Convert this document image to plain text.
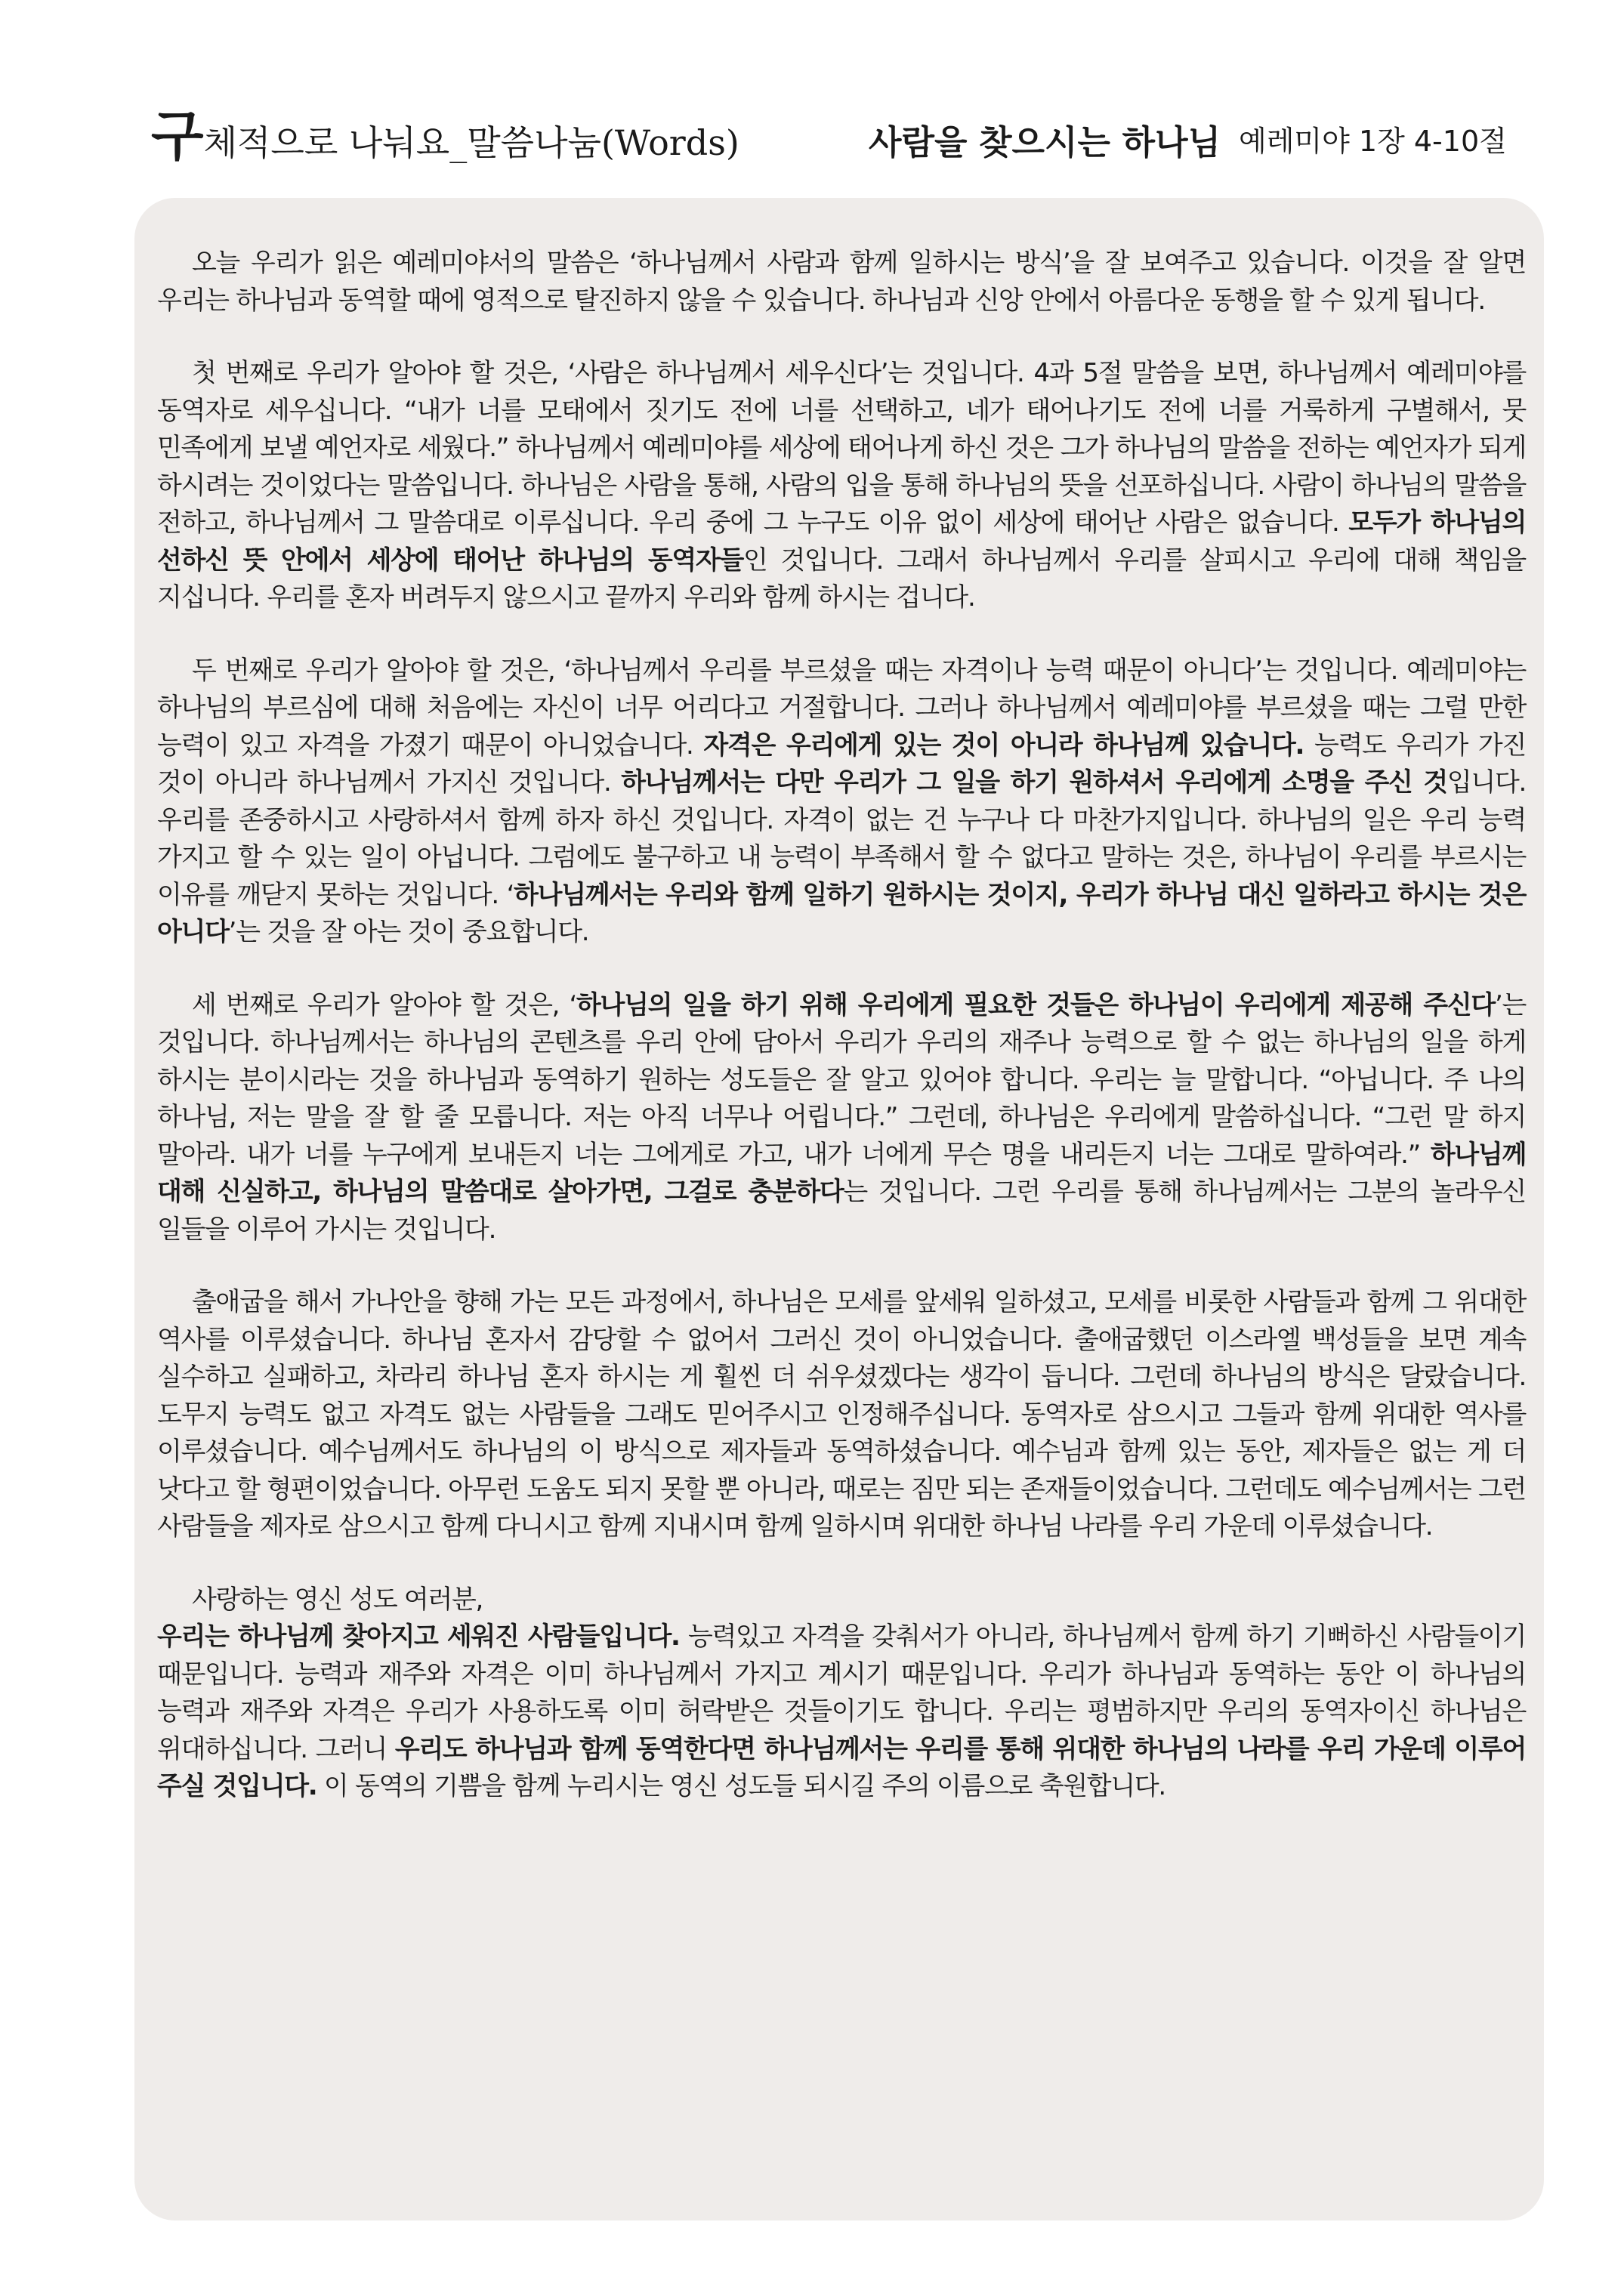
구체적으로 나눠요_말씀나눔(Words)	사람을 찾으시는 하나님 예레미야 1장 4-10절

오늘 우리가 읽은 예레미야서의 말씀은 ‘하나님께서 사람과 함께 일하시는 방식’을 잘 보여주고 있습니다. 이것을 잘 알면 우리는 하나님과 동역할 때에 영적으로 탈진하지 않을 수 있습니다. 하나님과 신앙 안에서 아름다운 동행을 할 수 있게 됩니다.

첫 번째로 우리가 알아야 할 것은, ‘사람은 하나님께서 세우신다’는 것입니다. 4과 5절 말씀을 보면, 하나님께서 예레미야를 동역자로 세우십니다. “내가 너를 모태에서 짓기도 전에 너를 선택하고, 네가 태어나기도 전에 너를 거룩하게 구별해서, 뭇 민족에게 보낼 예언자로 세웠다.” 하나님께서 예레미야를 세상에 태어나게 하신 것은 그가 하나님의 말씀을 전하는 예언자가 되게 하시려는 것이었다는 말씀입니다. 하나님은 사람을 통해, 사람의 입을 통해 하나님의 뜻을 선포하십니다. 사람이 하나님의 말씀을 전하고, 하나님께서 그 말씀대로 이루십니다. 우리 중에 그 누구도 이유 없이 세상에 태어난 사람은 없습니다. 모두가 하나님의 선하신 뜻 안에서 세상에 태어난 하나님의 동역자들인 것입니다. 그래서 하나님께서 우리를 살피시고 우리에 대해 책임을 지십니다. 우리를 혼자 버려두지 않으시고 끝까지 우리와 함께 하시는 겁니다.

두 번째로 우리가 알아야 할 것은, ‘하나님께서 우리를 부르셨을 때는 자격이나 능력 때문이 아니다’는 것입니다. 예레미야는 하나님의 부르심에 대해 처음에는 자신이 너무 어리다고 거절합니다. 그러나 하나님께서 예레미야를 부르셨을 때는 그럴 만한 능력이 있고 자격을 가졌기 때문이 아니었습니다. 자격은 우리에게 있는 것이 아니라 하나님께 있습니다. 능력도 우리가 가진 것이 아니라 하나님께서 가지신 것입니다. 하나님께서는 다만 우리가 그 일을 하기 원하셔서 우리에게 소명을 주신 것입니다. 우리를 존중하시고 사랑하셔서 함께 하자 하신 것입니다. 자격이 없는 건 누구나 다 마찬가지입니다. 하나님의 일은 우리 능력 가지고 할 수 있는 일이 아닙니다. 그럼에도 불구하고 내 능력이 부족해서 할 수 없다고 말하는 것은, 하나님이 우리를 부르시는 이유를 깨닫지 못하는 것입니다. ‘하나님께서는 우리와 함께 일하기 원하시는 것이지, 우리가 하나님 대신 일하라고 하시는 것은 아니다’는 것을 잘 아는 것이 중요합니다.

세 번째로 우리가 알아야 할 것은, ‘하나님의 일을 하기 위해 우리에게 필요한 것들은 하나님이 우리에게 제공해 주신다’는 것입니다. 하나님께서는 하나님의 콘텐츠를 우리 안에 담아서 우리가 우리의 재주나 능력으로 할 수 없는 하나님의 일을 하게 하시는 분이시라는 것을 하나님과 동역하기 원하는 성도들은 잘 알고 있어야 합니다. 우리는 늘 말합니다. “아닙니다. 주 나의 하나님, 저는 말을 잘 할 줄 모릅니다. 저는 아직 너무나 어립니다.” 그런데, 하나님은 우리에게 말씀하십니다. “그런 말 하지 말아라. 내가 너를 누구에게 보내든지 너는 그에게로 가고, 내가 너에게 무슨 명을 내리든지 너는 그대로 말하여라.” 하나님께 대해 신실하고, 하나님의 말씀대로 살아가면, 그걸로 충분하다는 것입니다. 그런 우리를 통해 하나님께서는 그분의 놀라우신 일들을 이루어 가시는 것입니다.

출애굽을 해서 가나안을 향해 가는 모든 과정에서, 하나님은 모세를 앞세워 일하셨고, 모세를 비롯한 사람들과 함께 그 위대한 역사를 이루셨습니다. 하나님 혼자서 감당할 수 없어서 그러신 것이 아니었습니다. 출애굽했던 이스라엘 백성들을 보면 계속 실수하고 실패하고, 차라리 하나님 혼자 하시는 게 훨씬 더 쉬우셨겠다는 생각이 듭니다. 그런데 하나님의 방식은 달랐습니다. 도무지 능력도 없고 자격도 없는 사람들을 그래도 믿어주시고 인정해주십니다. 동역자로 삼으시고 그들과 함께 위대한 역사를 이루셨습니다. 예수님께서도 하나님의 이 방식으로 제자들과 동역하셨습니다. 예수님과 함께 있는 동안, 제자들은 없는 게 더 낫다고 할 형편이었습니다. 아무런 도움도 되지 못할 뿐 아니라, 때로는 짐만 되는 존재들이었습니다. 그런데도 예수님께서는 그런 사람들을 제자로 삼으시고 함께 다니시고 함께 지내시며 함께 일하시며 위대한 하나님 나라를 우리 가운데 이루셨습니다.

사랑하는 영신 성도 여러분,

우리는 하나님께 찾아지고 세워진 사람들입니다. 능력있고 자격을 갖춰서가 아니라, 하나님께서 함께 하기 기뻐하신 사람들이기 때문입니다. 능력과 재주와 자격은 이미 하나님께서 가지고 계시기 때문입니다. 우리가 하나님과 동역하는 동안 이 하나님의 능력과 재주와 자격은 우리가 사용하도록 이미 허락받은 것들이기도 합니다. 우리는 평범하지만 우리의 동역자이신 하나님은 위대하십니다. 그러니 우리도 하나님과 함께 동역한다면 하나님께서는 우리를 통해 위대한 하나님의 나라를 우리 가운데 이루어 주실 것입니다. 이 동역의 기쁨을 함께 누리시는 영신 성도들 되시길 주의 이름으로 축원합니다.
